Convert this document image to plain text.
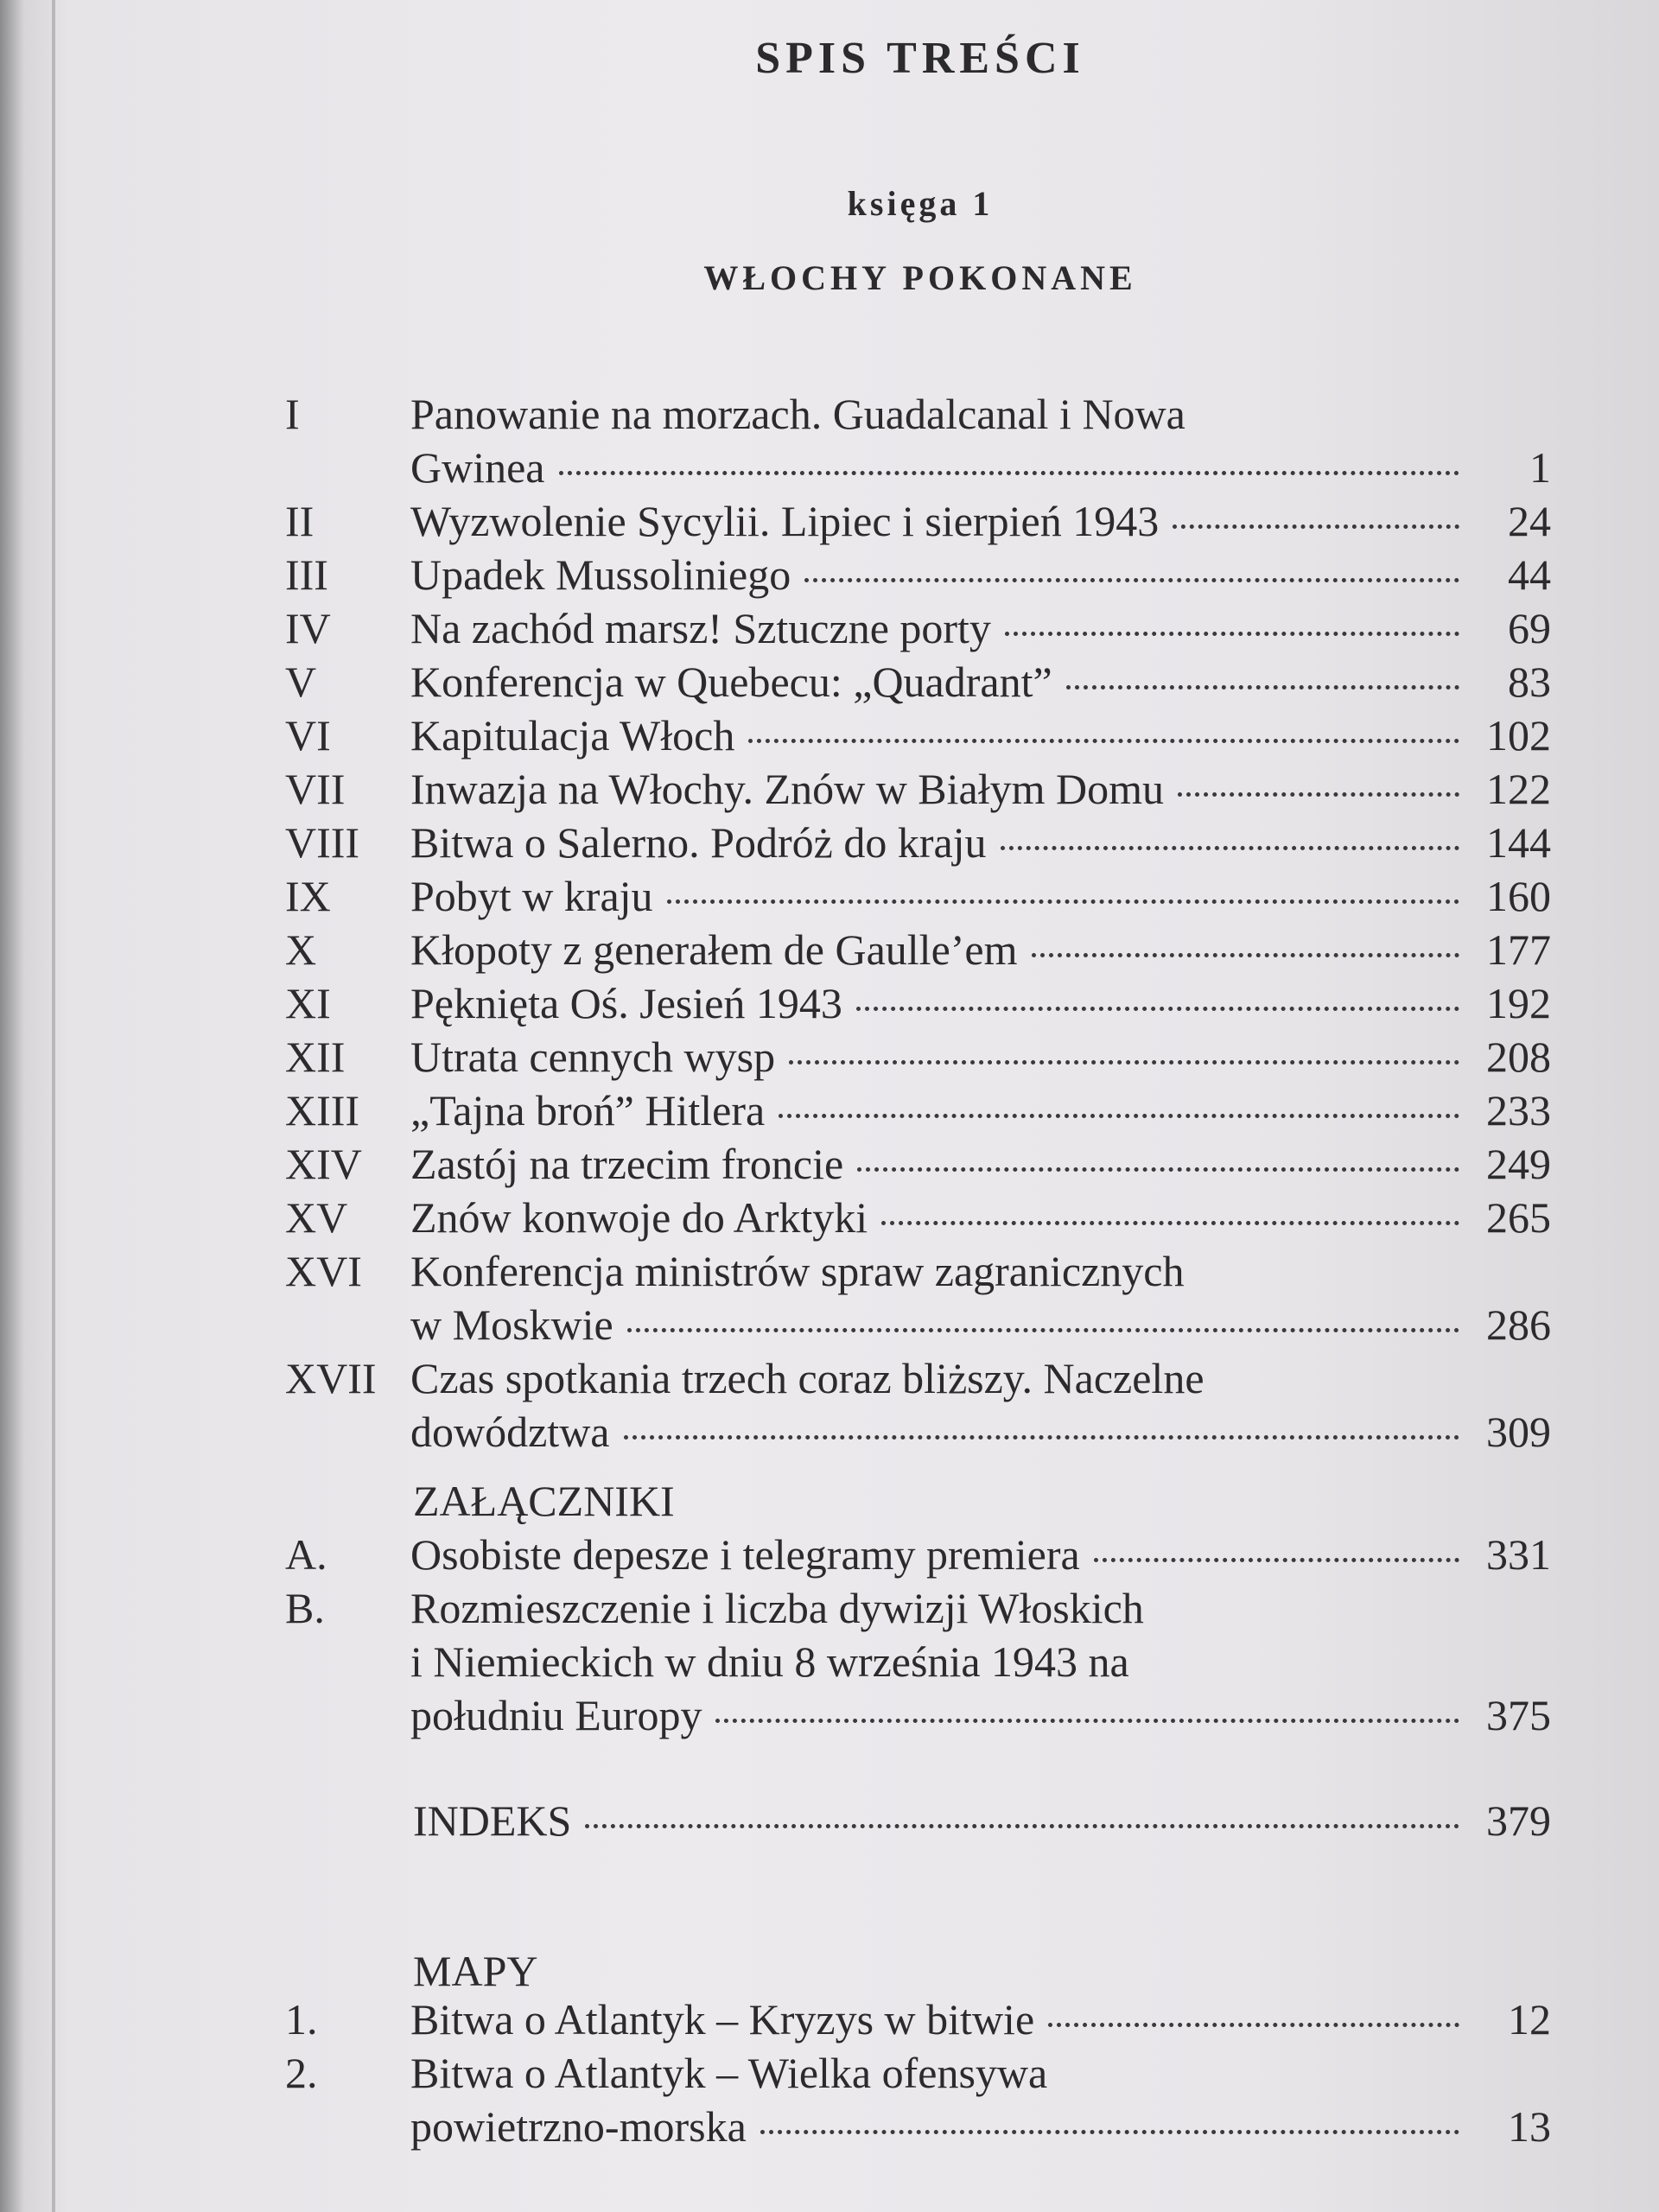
SPIS TREŚCI
księga 1
WŁOCHY POKONANE
I	Panowanie na morzach. Guadalcanal i Nowa
Gwinea	1
II Wyzwolenie Sycylii. Lipiec i sierpień 1943	24
III Upadek Mussoliniego	44
IV Na zachód marsz! Sztuczne porty	69
V Konferencja w Quebecu: „Quadrant”	83
VI Kapitulacja Włoch	102
VII Inwazja na Włochy. Znów w Białym Domu	122
VIII Bitwa o Salerno. Podróż do kraju	144
IX Pobyt w kraju	160
X Kłopoty z generałem de Gaulle’em	177
XI Pęknięta Oś. Jesień 1943	192
XII Utrata cennych wysp	208
XIII „Tajna broń” Hitlera	233
XIV Zastój na trzecim froncie	249
XV Znów konwoje do Arktyki	265
XVI Konferencja ministrów spraw zagranicznych
w Moskwie	286
XVII Czas spotkania trzech coraz bliższy. Naczelne
dowództwa	309
ZAŁĄCZNIKI
A. Osobiste depesze i telegramy premiera	331
B. Rozmieszczenie i liczba dywizji Włoskich
i Niemieckich w dniu 8 września 1943 na
południu Europy	375
INDEKS	379
MAPY
1. Bitwa o Atlantyk – Kryzys w bitwie	12
2. Bitwa o Atlantyk – Wielka ofensywa
powietrzno-morska	13
